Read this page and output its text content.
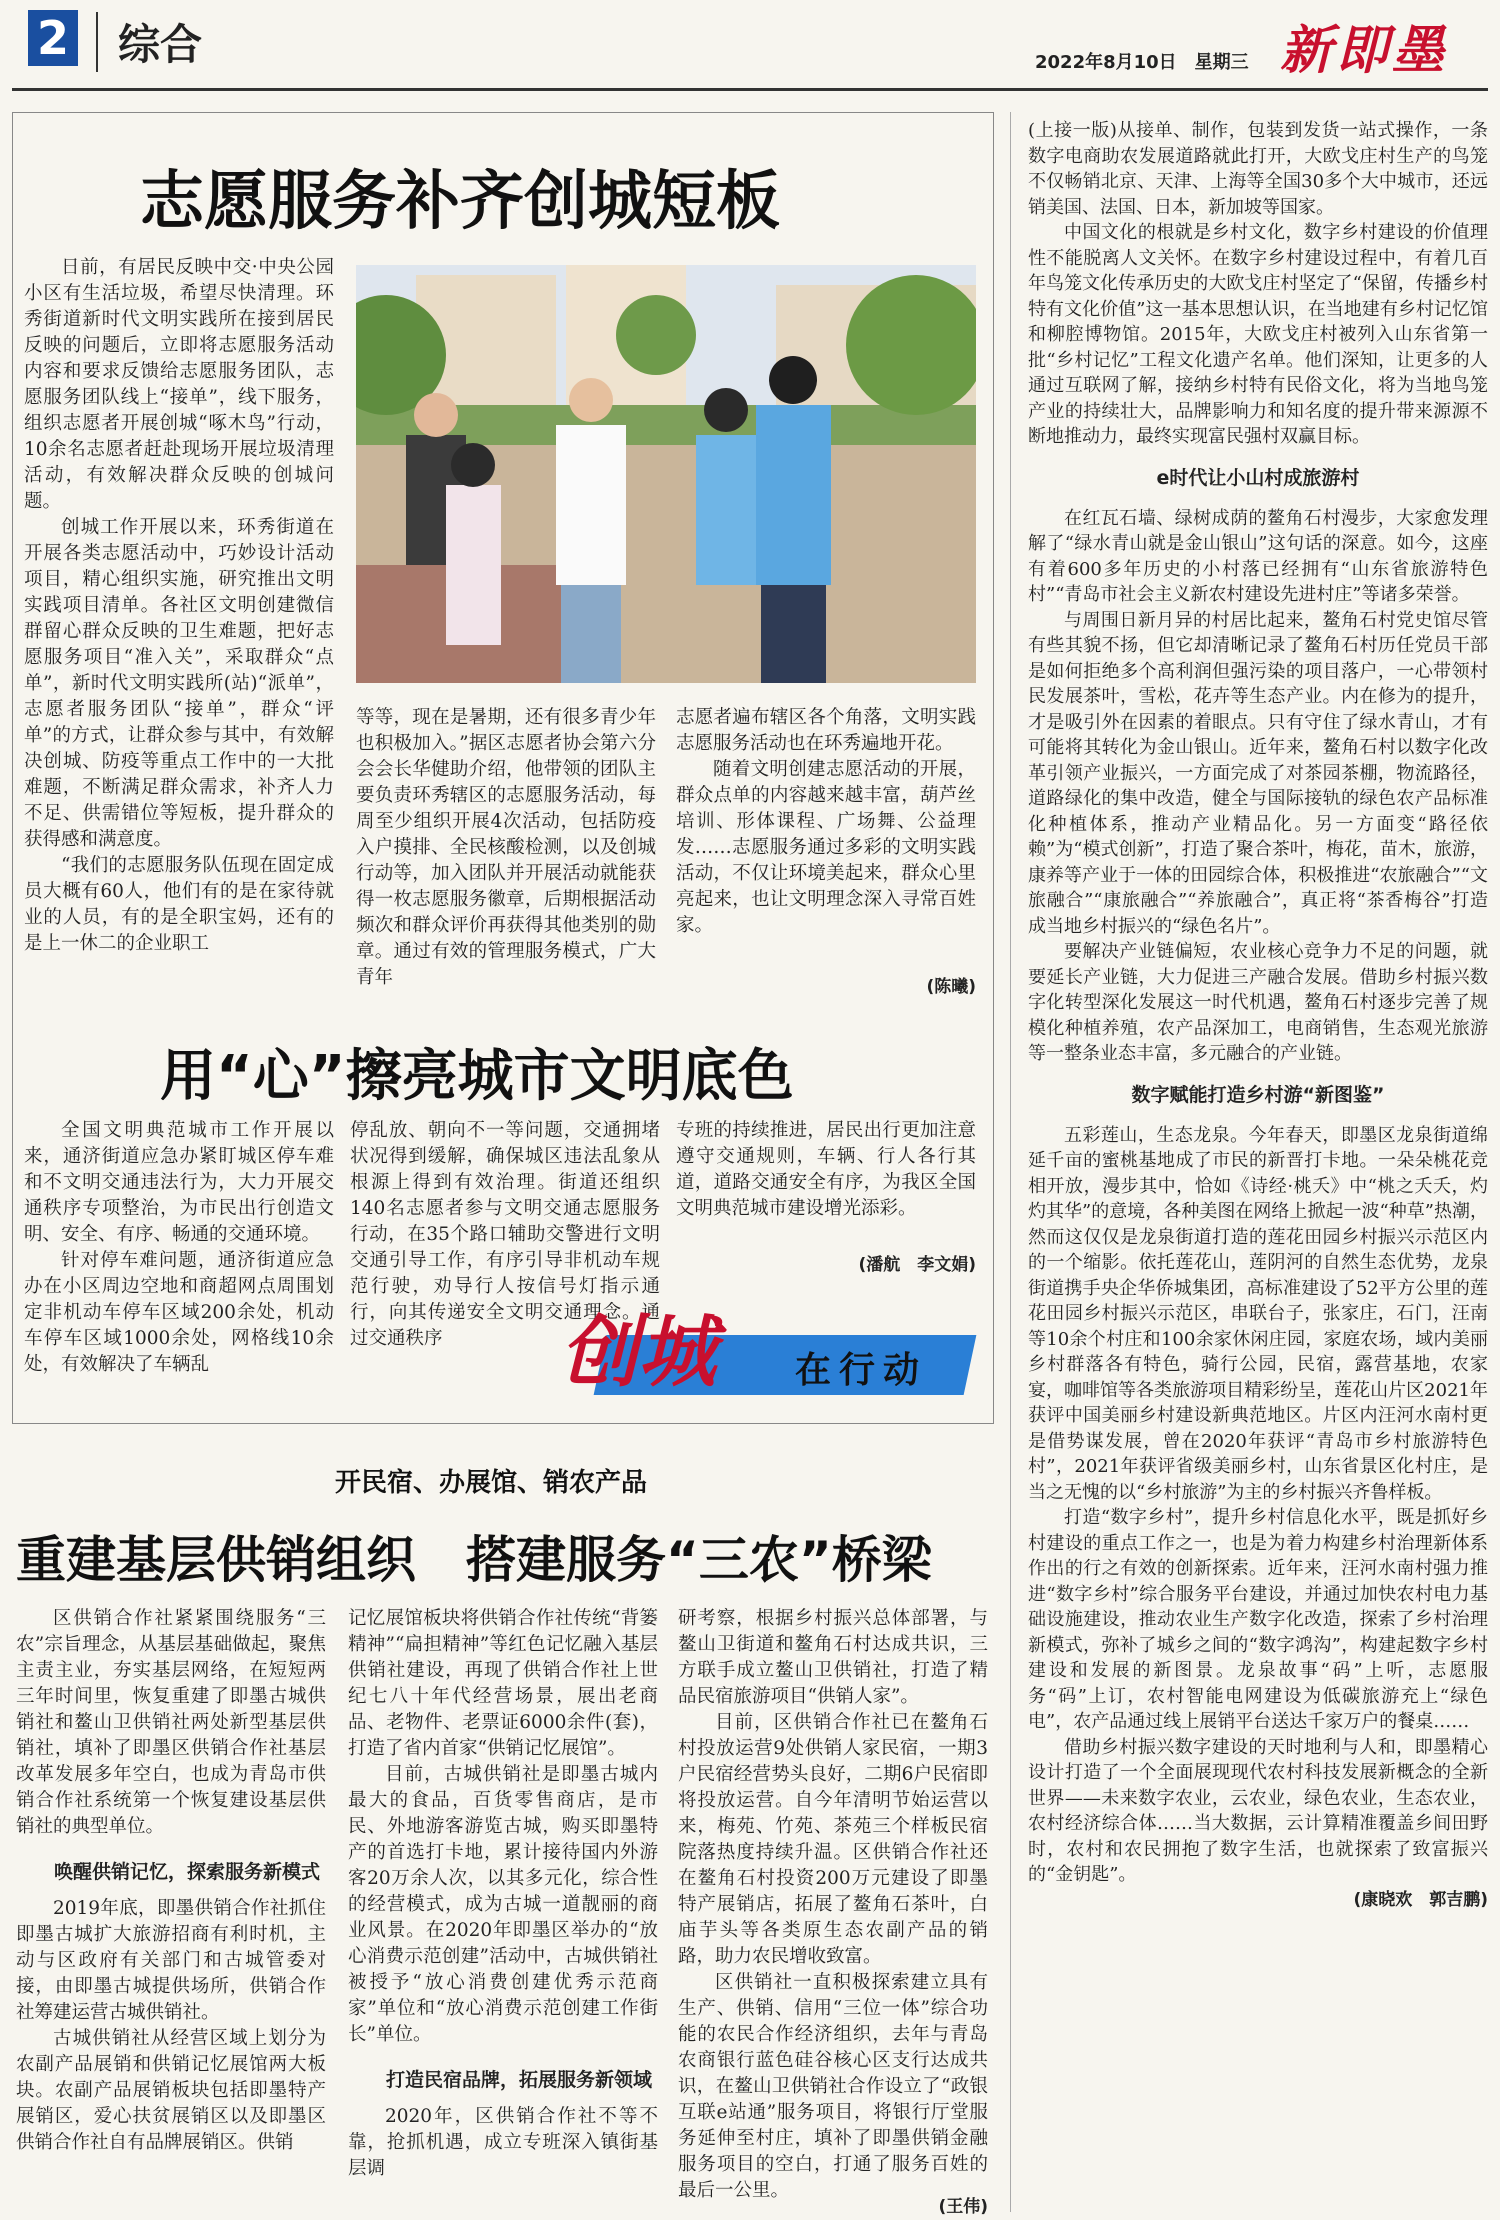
2 综合	2022年8月10日　星期三 新即墨
志愿服务补齐创城短板

日前，有居民反映中交·中央公园小区有生活垃圾，希望尽快清理。环秀街道新时代文明实践所在接到居民反映的问题后，立即将志愿服务活动内容和要求反馈给志愿服务团队，志愿服务团队线上“接单”，线下服务，组织志愿者开展创城“啄木鸟”行动，10余名志愿者赶赴现场开展垃圾清理活动，有效解决群众反映的创城问题。

创城工作开展以来，环秀街道在开展各类志愿活动中，巧妙设计活动项目，精心组织实施，研究推出文明实践项目清单。各社区文明创建微信群留心群众反映的卫生难题，把好志愿服务项目“准入关”，采取群众“点单”，新时代文明实践所(站)“派单”，志愿者服务团队“接单”，群众“评单”的方式，让群众参与其中，有效解决创城、防疫等重点工作中的一大批难题，不断满足群众需求，补齐人力不足、供需错位等短板，提升群众的获得感和满意度。

“我们的志愿服务队伍现在固定成员大概有60人，他们有的是在家待就业的人员，有的是全职宝妈，还有的是上一休二的企业职工

等等，现在是暑期，还有很多青少年也积极加入。”据区志愿者协会第六分会会长华健助介绍，他带领的团队主要负责环秀辖区的志愿服务活动，每周至少组织开展4次活动，包括防疫入户摸排、全民核酸检测，以及创城行动等，加入团队并开展活动就能获得一枚志愿服务徽章，后期根据活动频次和群众评价再获得其他类别的勋章。通过有效的管理服务模式，广大青年

志愿者遍布辖区各个角落，文明实践志愿服务活动也在环秀遍地开花。

随着文明创建志愿活动的开展，群众点单的内容越来越丰富，葫芦丝培训、形体课程、广场舞、公益理发……志愿服务通过多彩的文明实践活动，不仅让环境美起来，群众心里亮起来，也让文明理念深入寻常百姓家。

(陈曦)
用“心”擦亮城市文明底色

全国文明典范城市工作开展以来，通济街道应急办紧盯城区停车难和不文明交通违法行为，大力开展交通秩序专项整治，为市民出行创造文明、安全、有序、畅通的交通环境。

针对停车难问题，通济街道应急办在小区周边空地和商超网点周围划定非机动车停车区域200余处，机动车停车区域1000余处，网格线10余处，有效解决了车辆乱

停乱放、朝向不一等问题，交通拥堵状况得到缓解，确保城区违法乱象从根源上得到有效治理。街道还组织140名志愿者参与文明交通志愿服务行动，在35个路口辅助交警进行文明交通引导工作，有序引导非机动车规范行驶，劝导行人按信号灯指示通行，向其传递安全文明交通理念。通过交通秩序
专班的持续推进，居民出行更加注意遵守交通规则，车辆、行人各行其道，道路交通安全有序，为我区全国文明典范城市建设增光添彩。
(潘航　李文娟)
创城 在行动
开民宿、办展馆、销农产品
重建基层供销组织　搭建服务“三农”桥梁

区供销合作社紧紧围绕服务“三农”宗旨理念，从基层基础做起，聚焦主责主业，夯实基层网络，在短短两三年时间里，恢复重建了即墨古城供销社和鳌山卫供销社两处新型基层供销社，填补了即墨区供销合作社基层改革发展多年空白，也成为青岛市供销合作社系统第一个恢复建设基层供销社的典型单位。

唤醒供销记忆，探索服务新模式

2019年底，即墨供销合作社抓住即墨古城扩大旅游招商有利时机，主动与区政府有关部门和古城管委对接，由即墨古城提供场所，供销合作社筹建运营古城供销社。

古城供销社从经营区域上划分为农副产品展销和供销记忆展馆两大板块。农副产品展销板块包括即墨特产展销区，爱心扶贫展销区以及即墨区供销合作社自有品牌展销区。供销

记忆展馆板块将供销合作社传统“背篓精神”“扁担精神”等红色记忆融入基层供销社建设，再现了供销合作社上世纪七八十年代经营场景，展出老商品、老物件、老票证6000余件(套)，打造了省内首家“供销记忆展馆”。

目前，古城供销社是即墨古城内最大的食品，百货零售商店，是市民、外地游客游览古城，购买即墨特产的首选打卡地，累计接待国内外游客20万余人次，以其多元化，综合性的经营模式，成为古城一道靓丽的商业风景。在2020年即墨区举办的“放心消费示范创建”活动中，古城供销社被授予“放心消费创建优秀示范商家”单位和“放心消费示范创建工作街长”单位。

打造民宿品牌，拓展服务新领域

2020年，区供销合作社不等不靠，抢抓机遇，成立专班深入镇街基层调

研考察，根据乡村振兴总体部署，与鳌山卫街道和鳌角石村达成共识，三方联手成立鳌山卫供销社，打造了精品民宿旅游项目“供销人家”。

目前，区供销合作社已在鳌角石村投放运营9处供销人家民宿，一期3户民宿经营势头良好，二期6户民宿即将投放运营。自今年清明节始运营以来，梅苑、竹苑、茶苑三个样板民宿院落热度持续升温。区供销合作社还在鳌角石村投资200万元建设了即墨特产展销店，拓展了鳌角石茶叶，白庙芋头等各类原生态农副产品的销路，助力农民增收致富。

区供销社一直积极探索建立具有生产、供销、信用“三位一体”综合功能的农民合作经济组织，去年与青岛农商银行蓝色硅谷核心区支行达成共识，在鳌山卫供销社合作设立了“政银互联e站通”服务项目，将银行厅堂服务延伸至村庄，填补了即墨供销金融服务项目的空白，打通了服务百姓的最后一公里。

(王伟)

(上接一版)从接单、制作，包装到发货一站式操作，一条数字电商助农发展道路就此打开，大欧戈庄村生产的鸟笼不仅畅销北京、天津、上海等全国30多个大中城市，还远销美国、法国、日本，新加坡等国家。

中国文化的根就是乡村文化，数字乡村建设的价值理性不能脱离人文关怀。在数字乡村建设过程中，有着几百年鸟笼文化传承历史的大欧戈庄村坚定了“保留，传播乡村特有文化价值”这一基本思想认识，在当地建有乡村记忆馆和柳腔博物馆。2015年，大欧戈庄村被列入山东省第一批“乡村记忆”工程文化遗产名单。他们深知，让更多的人通过互联网了解，接纳乡村特有民俗文化，将为当地鸟笼产业的持续壮大，品牌影响力和知名度的提升带来源源不断地推动力，最终实现富民强村双赢目标。

e时代让小山村成旅游村

在红瓦石墙、绿树成荫的鳌角石村漫步，大家愈发理解了“绿水青山就是金山银山”这句话的深意。如今，这座有着600多年历史的小村落已经拥有“山东省旅游特色村”“青岛市社会主义新农村建设先进村庄”等诸多荣誉。

与周围日新月异的村居比起来，鳌角石村党史馆尽管有些其貌不扬，但它却清晰记录了鳌角石村历任党员干部是如何拒绝多个高利润但强污染的项目落户，一心带领村民发展茶叶，雪松，花卉等生态产业。内在修为的提升，才是吸引外在因素的着眼点。只有守住了绿水青山，才有可能将其转化为金山银山。近年来，鳌角石村以数字化改革引领产业振兴，一方面完成了对茶园茶棚，物流路径，道路绿化的集中改造，健全与国际接轨的绿色农产品标准化种植体系，推动产业精品化。另一方面变“路径依赖”为“模式创新”，打造了聚合茶叶，梅花，苗木，旅游，康养等产业于一体的田园综合体，积极推进“农旅融合”“文旅融合”“康旅融合”“养旅融合”，真正将“茶香梅谷”打造成当地乡村振兴的“绿色名片”。

要解决产业链偏短，农业核心竞争力不足的问题，就要延长产业链，大力促进三产融合发展。借助乡村振兴数字化转型深化发展这一时代机遇，鳌角石村逐步完善了规模化种植养殖，农产品深加工，电商销售，生态观光旅游等一整条业态丰富，多元融合的产业链。

数字赋能打造乡村游“新图鉴”

五彩莲山，生态龙泉。今年春天，即墨区龙泉街道绵延千亩的蜜桃基地成了市民的新晋打卡地。一朵朵桃花竞相开放，漫步其中，恰如《诗经·桃夭》中“桃之夭夭，灼灼其华”的意境，各种美图在网络上掀起一波“种草”热潮，然而这仅仅是龙泉街道打造的莲花田园乡村振兴示范区内的一个缩影。依托莲花山，莲阴河的自然生态优势，龙泉街道携手央企华侨城集团，高标准建设了52平方公里的莲花田园乡村振兴示范区，串联台子，张家庄，石门，汪南等10余个村庄和100余家休闲庄园，家庭农场，域内美丽乡村群落各有特色，骑行公园，民宿，露营基地，农家宴，咖啡馆等各类旅游项目精彩纷呈，莲花山片区2021年获评中国美丽乡村建设新典范地区。片区内汪河水南村更是借势谋发展，曾在2020年获评“青岛市乡村旅游特色村”，2021年获评省级美丽乡村，山东省景区化村庄，是当之无愧的以“乡村旅游”为主的乡村振兴齐鲁样板。

打造“数字乡村”，提升乡村信息化水平，既是抓好乡村建设的重点工作之一，也是为着力构建乡村治理新体系作出的行之有效的创新探索。近年来，汪河水南村强力推进“数字乡村”综合服务平台建设，并通过加快农村电力基础设施建设，推动农业生产数字化改造，探索了乡村治理新模式，弥补了城乡之间的“数字鸿沟”，构建起数字乡村建设和发展的新图景。龙泉故事“码”上听，志愿服务“码”上订，农村智能电网建设为低碳旅游充上“绿色电”，农产品通过线上展销平台送达千家万户的餐桌……

借助乡村振兴数字建设的天时地利与人和，即墨精心设计打造了一个全面展现现代农村科技发展新概念的全新世界——未来数字农业，云农业，绿色农业，生态农业，农村经济综合体……当大数据，云计算精准覆盖乡间田野时，农村和农民拥抱了数字生活，也就探索了致富振兴的“金钥匙”。

(康晓欢　郭吉鹏)
